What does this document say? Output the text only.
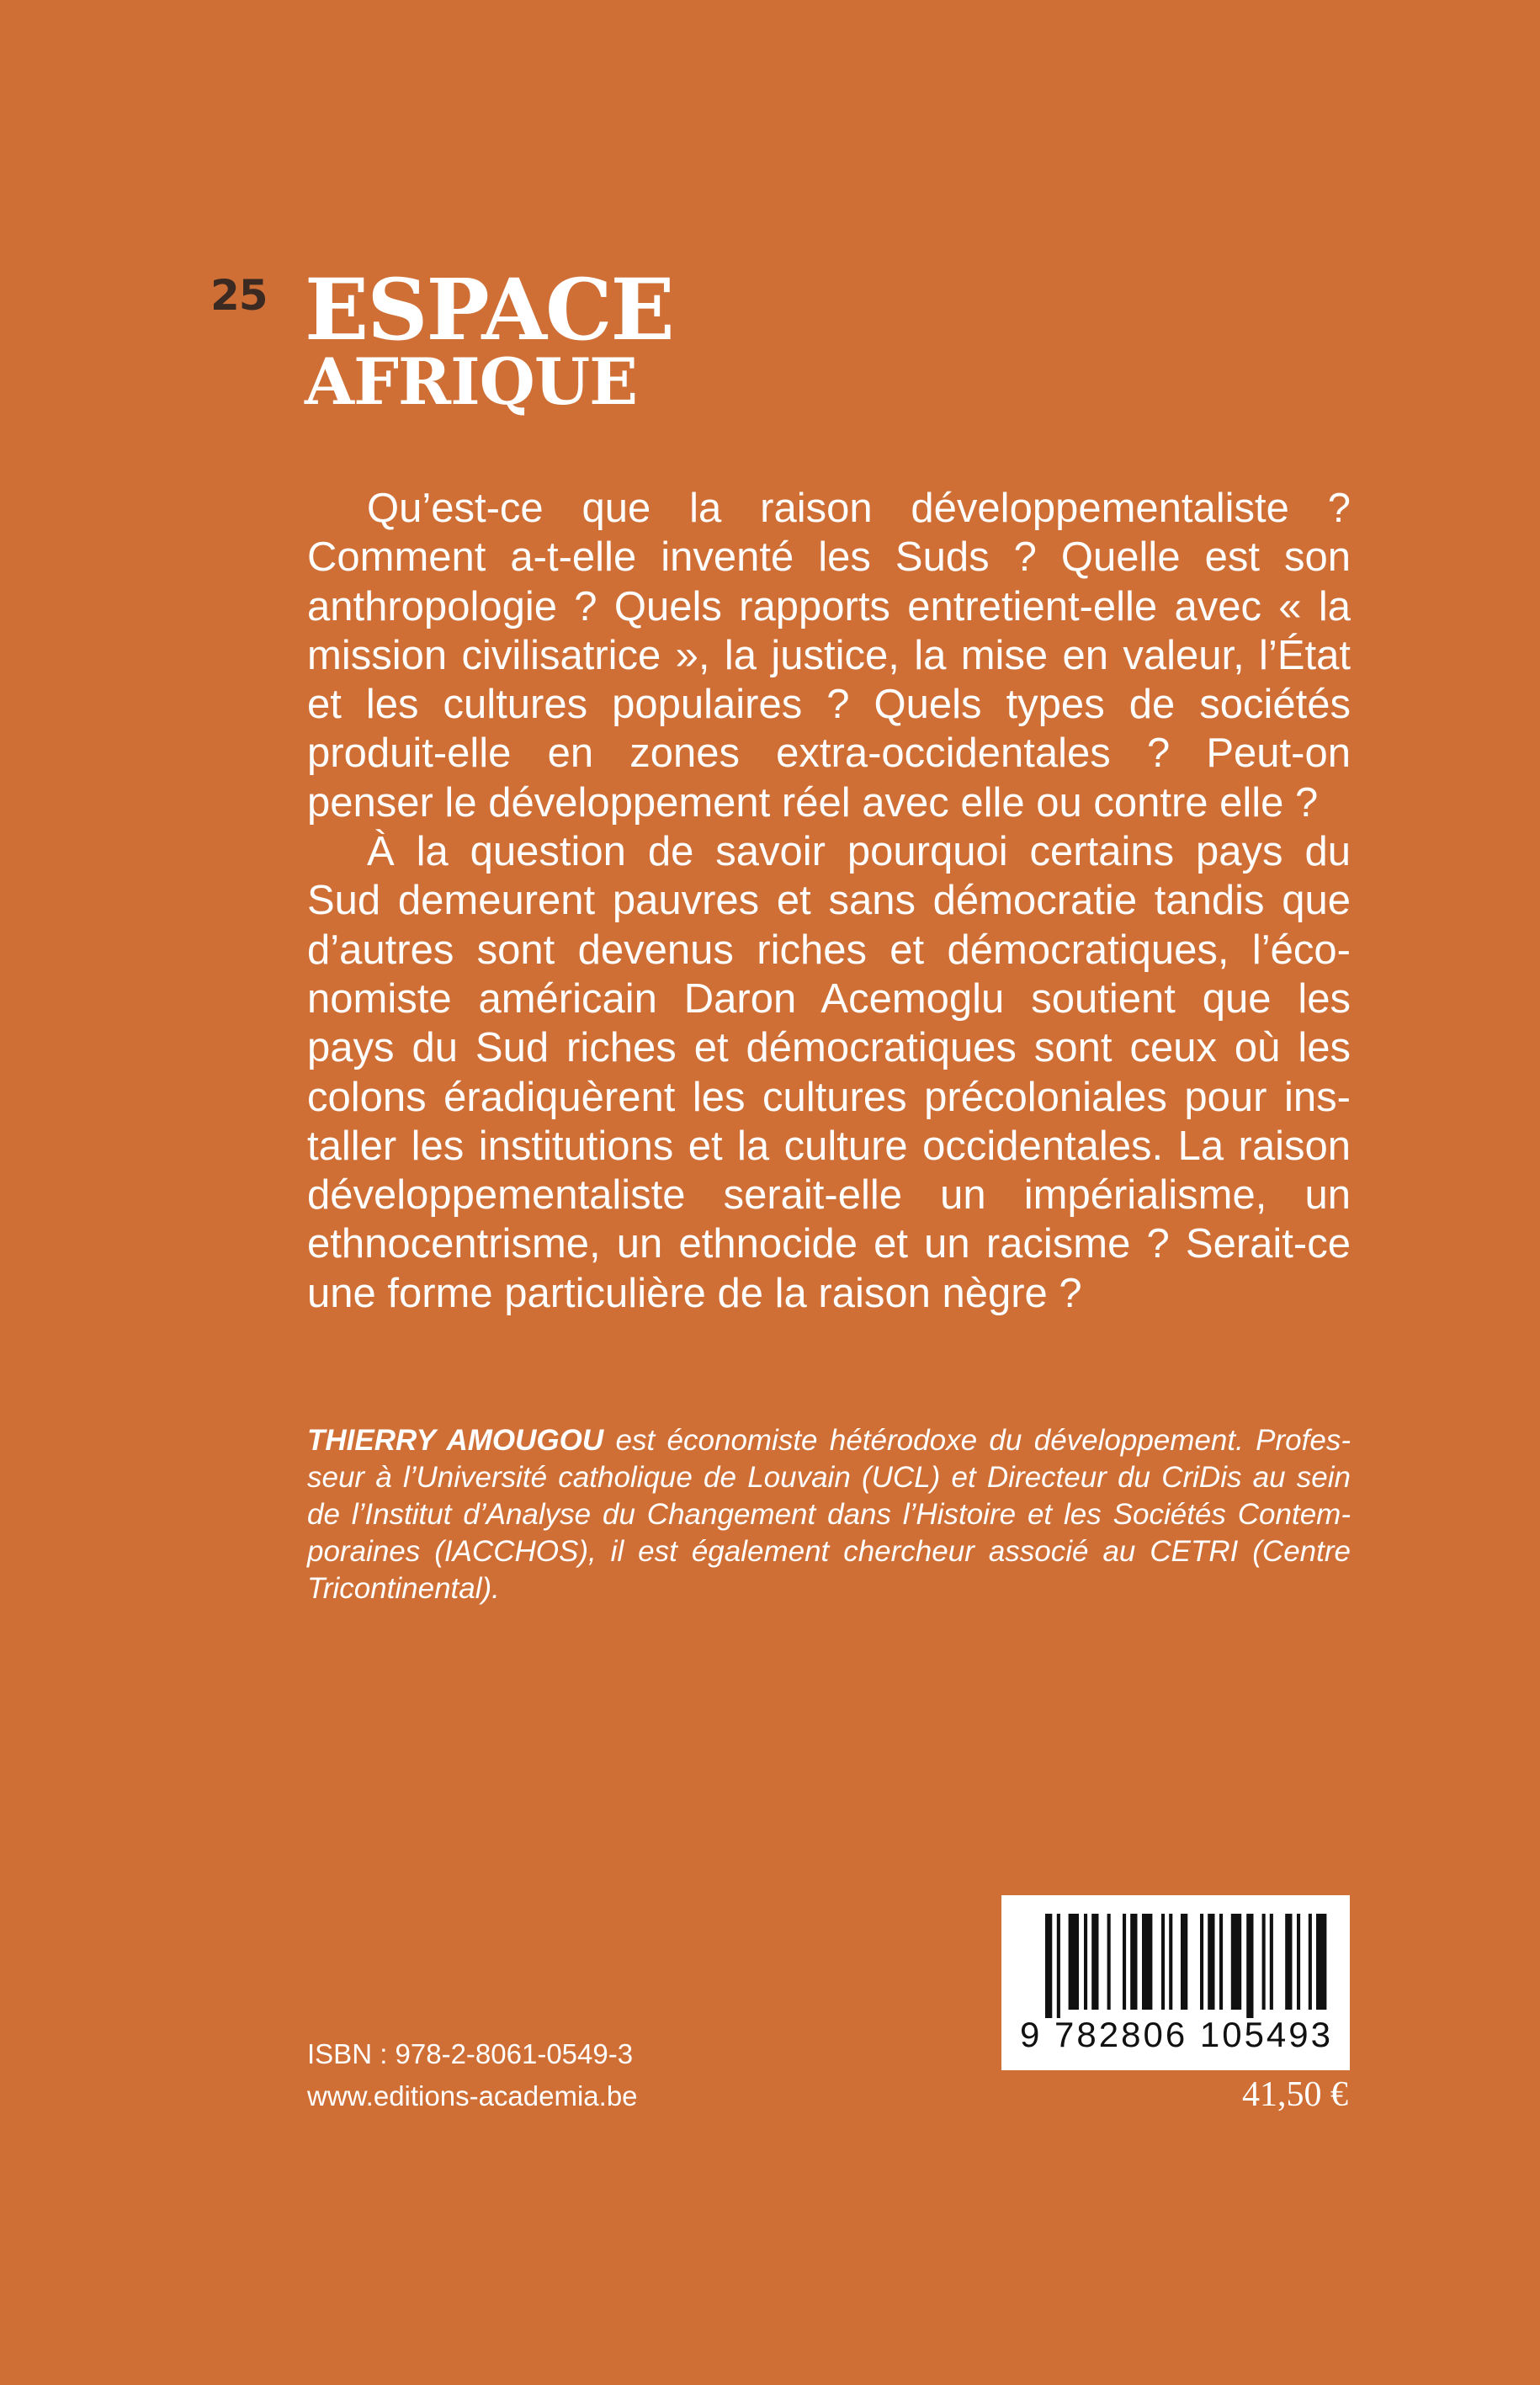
25 ESPACE
AFRIQUE

Qu’est-ce que la raison développementaliste ? Comment a-t-elle inventé les Suds ? Quelle est son anthropologie ? Quels rapports entretient-elle avec « la mission civilisatrice », la justice, la mise en valeur, l’État et les cultures populaires ? Quels types de sociétés produit-elle en zones extra-occidentales ? Peut-on penser le développement réel avec elle ou contre elle ?

À la question de savoir pourquoi certains pays du Sud demeurent pauvres et sans démocratie tandis que d’autres sont devenus riches et démocratiques, l’économiste américain Daron Acemoglu soutient que les pays du Sud riches et démocratiques sont ceux où les colons éradiquèrent les cultures précoloniales pour installer les institutions et la culture occidentales. La raison développementaliste serait-elle un impérialisme, un ethnocentrisme, un ethnocide et un racisme ? Serait-ce une forme particulière de la raison nègre ?

THIERRY AMOUGOU est économiste hétérodoxe du développement. Professeur à l’Université catholique de Louvain (UCL) et Directeur du CriDis au sein de l’Institut d’Analyse du Changement dans l’Histoire et les Sociétés Contemporaines (IACCHOS), il est également chercheur associé au CETRI (Centre Tricontinental).
9 782806 105493
ISBN : 978-2-8061-0549-3
www.editions-academia.be	41,50 €
